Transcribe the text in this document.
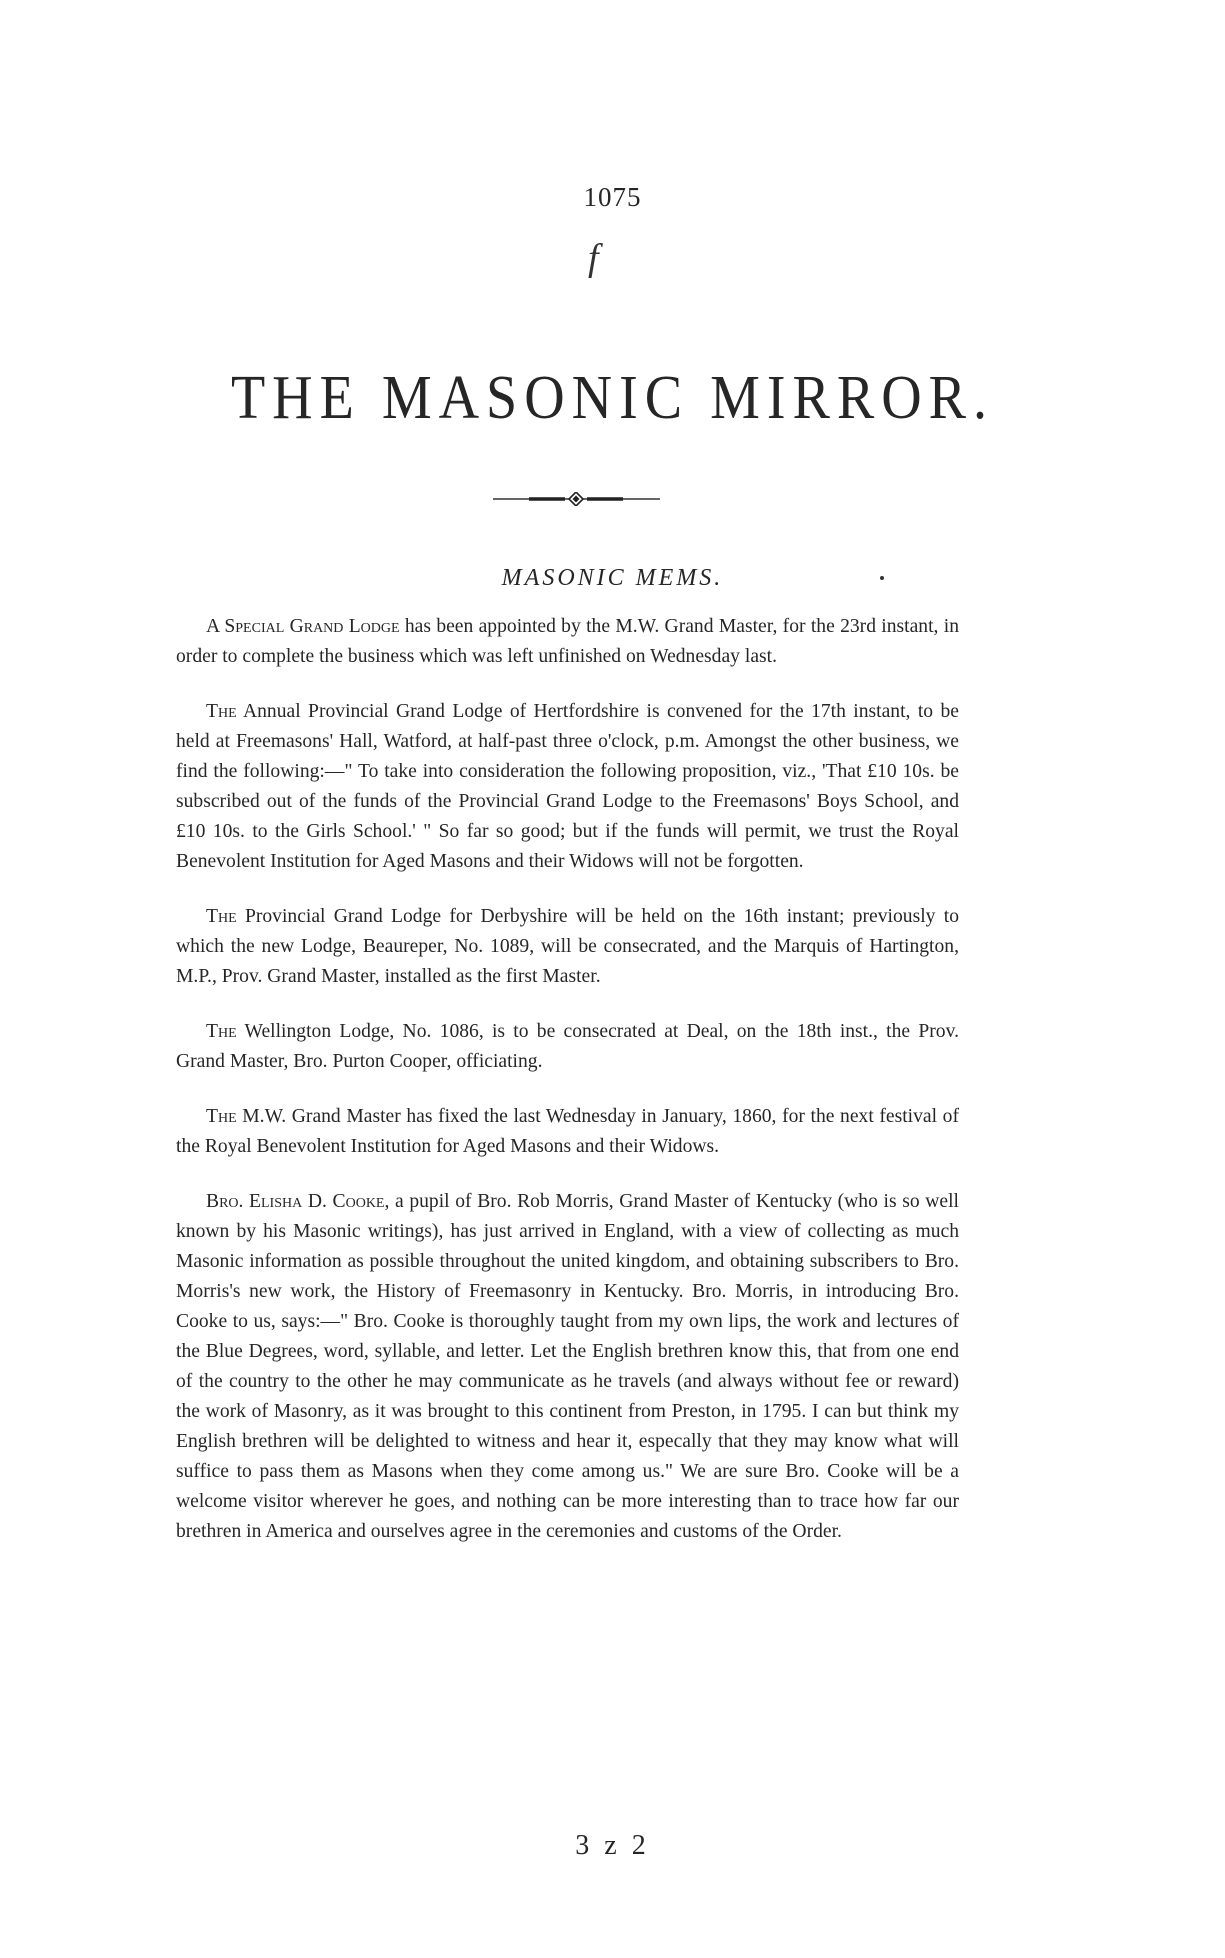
1075
f
THE MASONIC MIRROR.
MASONIC MEMS.

A Special Grand Lodge has been appointed by the M.W. Grand Master, for the 23rd instant, in order to complete the business which was left unfinished on Wednesday last.

The Annual Provincial Grand Lodge of Hertfordshire is convened for the 17th instant, to be held at Freemasons' Hall, Watford, at half-past three o'clock, p.m. Amongst the other business, we find the following:—" To take into consideration the following proposition, viz., 'That £10 10s. be subscribed out of the funds of the Provincial Grand Lodge to the Freemasons' Boys School, and £10 10s. to the Girls School.' " So far so good; but if the funds will permit, we trust the Royal Benevolent Institution for Aged Masons and their Widows will not be forgotten.

The Provincial Grand Lodge for Derbyshire will be held on the 16th instant; previously to which the new Lodge, Beaureper, No. 1089, will be consecrated, and the Marquis of Hartington, M.P., Prov. Grand Master, installed as the first Master.

The Wellington Lodge, No. 1086, is to be consecrated at Deal, on the 18th inst., the Prov. Grand Master, Bro. Purton Cooper, officiating.

The M.W. Grand Master has fixed the last Wednesday in January, 1860, for the next festival of the Royal Benevolent Institution for Aged Masons and their Widows.

Bro. Elisha D. Cooke, a pupil of Bro. Rob Morris, Grand Master of Kentucky (who is so well known by his Masonic writings), has just arrived in England, with a view of collecting as much Masonic information as possible throughout the united kingdom, and obtaining subscribers to Bro. Morris's new work, the History of Freemasonry in Kentucky. Bro. Morris, in introducing Bro. Cooke to us, says:—" Bro. Cooke is thoroughly taught from my own lips, the work and lectures of the Blue Degrees, word, syllable, and letter. Let the English brethren know this, that from one end of the country to the other he may communicate as he travels (and always without fee or reward) the work of Masonry, as it was brought to this continent from Preston, in 1795. I can but think my English brethren will be delighted to witness and hear it, especally that they may know what will suffice to pass them as Masons when they come among us." We are sure Bro. Cooke will be a welcome visitor wherever he goes, and nothing can be more interesting than to trace how far our brethren in America and ourselves agree in the ceremonies and customs of the Order.

3 z 2
